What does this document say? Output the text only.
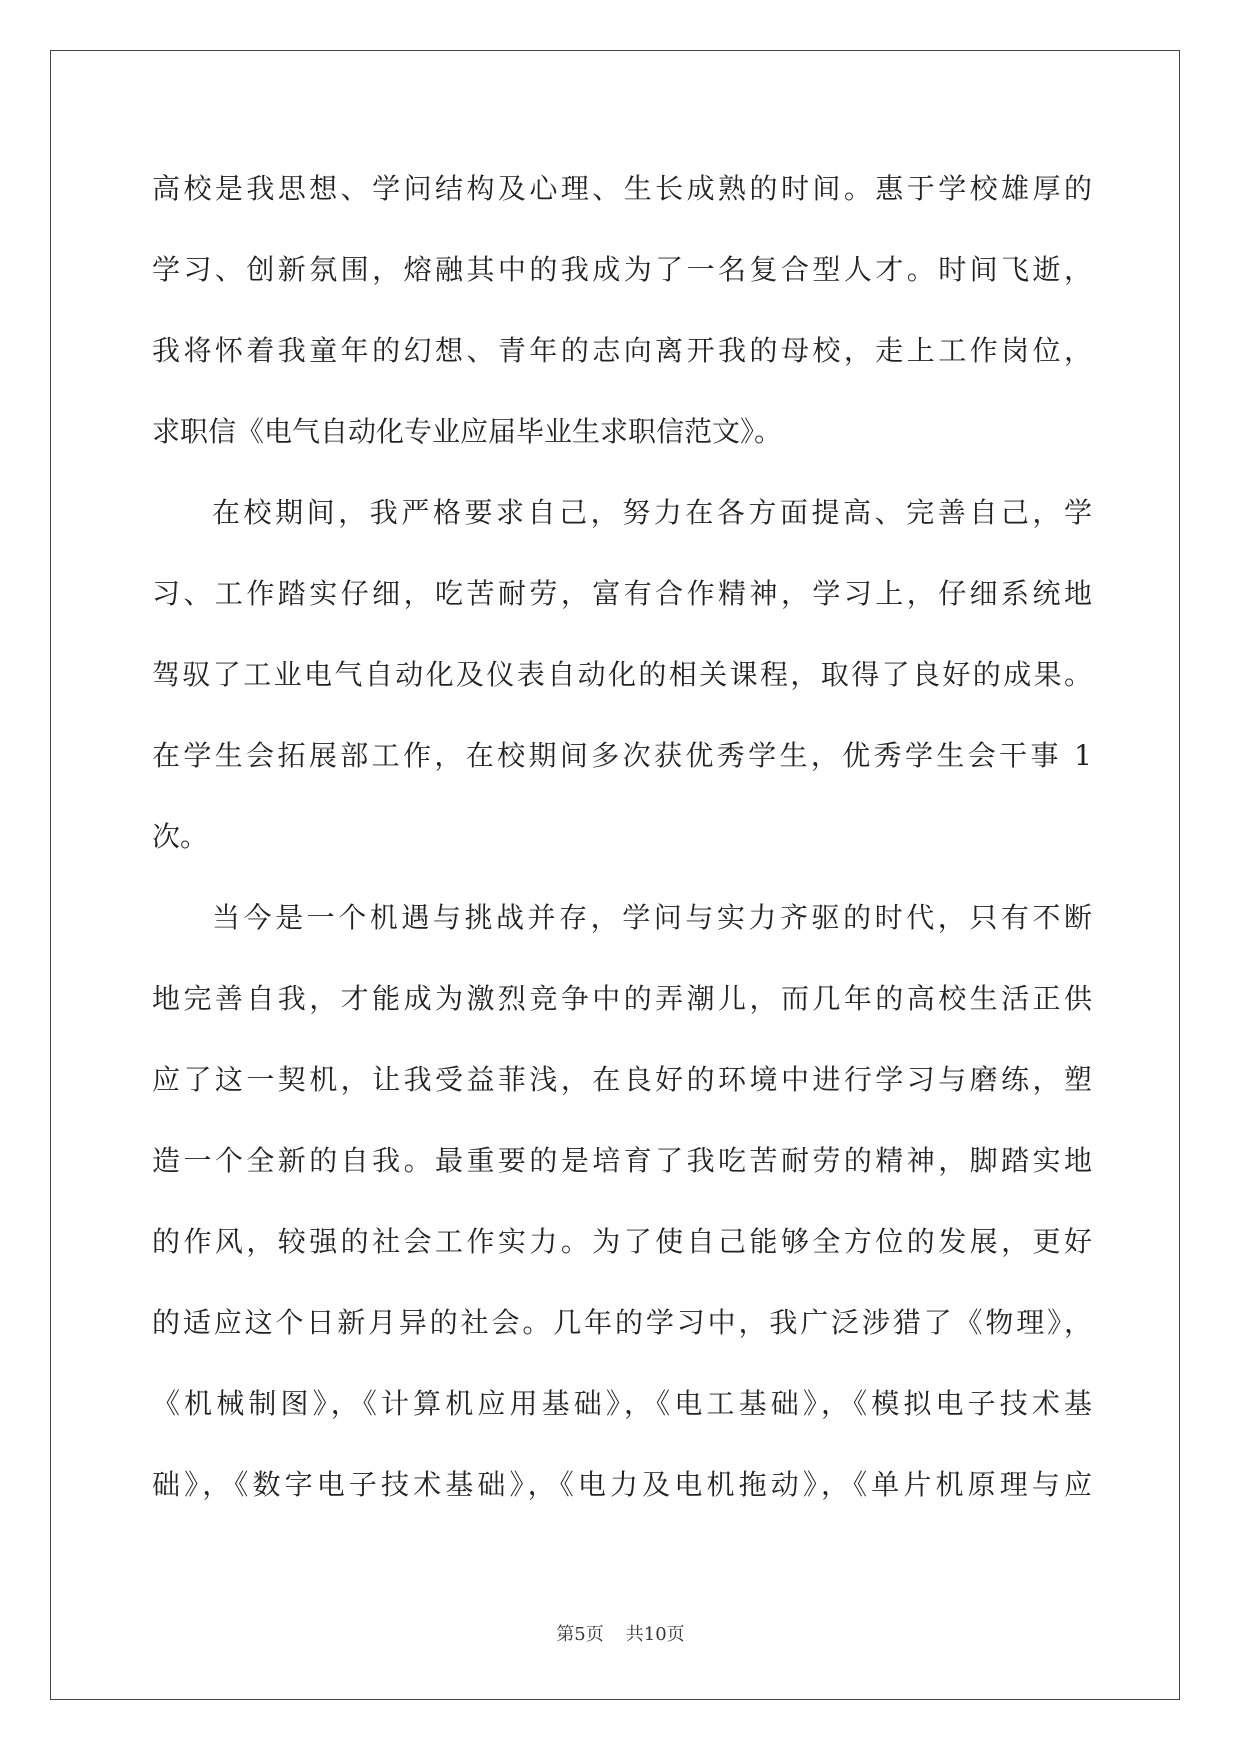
高校是我思想、学问结构及心理、生长成熟的时间。惠于学校雄厚的
学习、创新氛围，熔融其中的我成为了一名复合型人才。时间飞逝，
我将怀着我童年的幻想、青年的志向离开我的母校，走上工作岗位，
求职信《电气自动化专业应届毕业生求职信范文》。
在校期间，我严格要求自己，努力在各方面提高、完善自己，学
习、工作踏实仔细，吃苦耐劳，富有合作精神，学习上，仔细系统地
驾驭了工业电气自动化及仪表自动化的相关课程，取得了良好的成果。
在学生会拓展部工作，在校期间多次获优秀学生，优秀学生会干事 1
次。
当今是一个机遇与挑战并存，学问与实力齐驱的时代，只有不断
地完善自我，才能成为激烈竞争中的弄潮儿，而几年的高校生活正供
应了这一契机，让我受益菲浅，在良好的环境中进行学习与磨练，塑
造一个全新的自我。最重要的是培育了我吃苦耐劳的精神，脚踏实地
的作风，较强的社会工作实力。为了使自己能够全方位的发展，更好
的适应这个日新月异的社会。几年的学习中，我广泛涉猎了《物理》，
《机械制图》，《计算机应用基础》，《电工基础》，《模拟电子技术基
础》，《数字电子技术基础》，《电力及电机拖动》，《单片机原理与应
第5页 共10页
